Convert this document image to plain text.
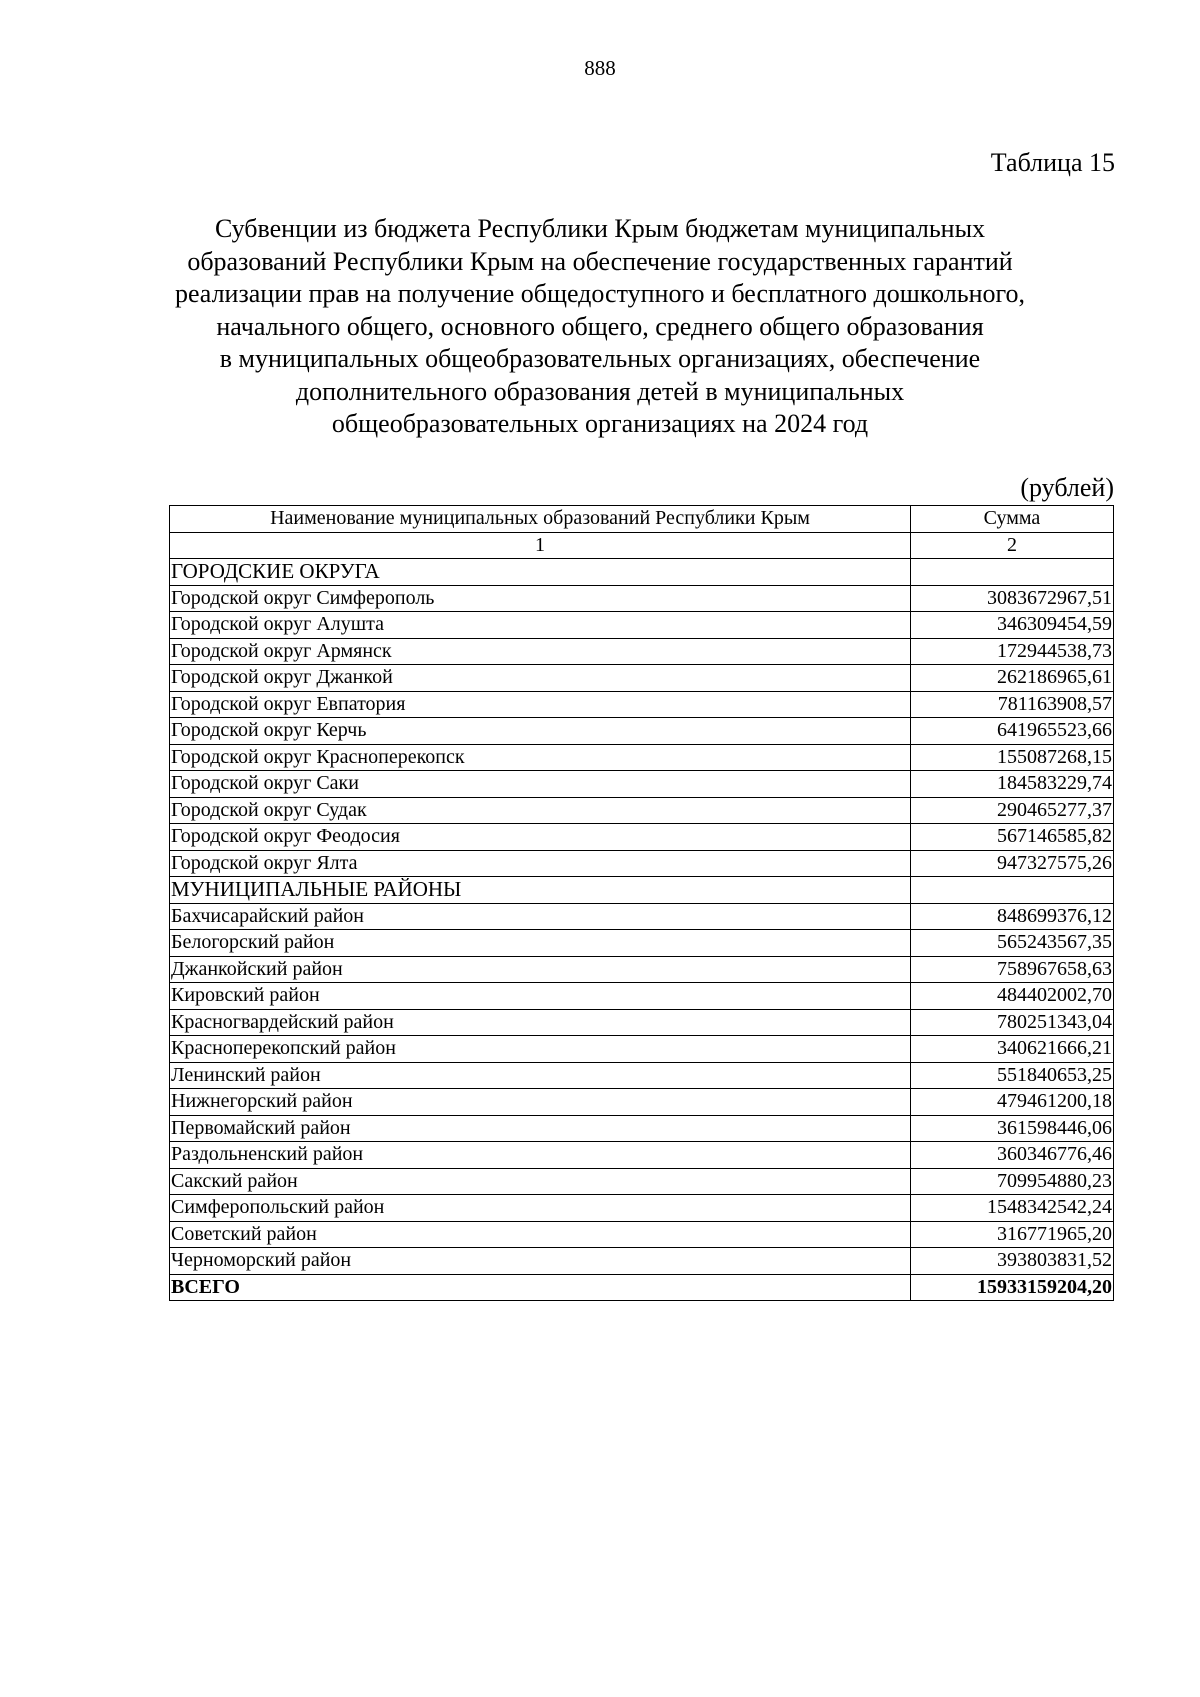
888
Таблица 15
Субвенции из бюджета Республики Крым бюджетам муниципальных
образований Республики Крым на обеспечение государственных гарантий
реализации прав на получение общедоступного и бесплатного дошкольного,
начального общего, основного общего, среднего общего образования
в муниципальных общеобразовательных организациях, обеспечение
дополнительного образования детей в муниципальных
общеобразовательных организациях на 2024 год
(рублей)
Наименование муниципальных образований Республики Крым	Сумма
1	2
ГОРОДСКИЕ ОКРУГА	
Городской округ Симферополь	3083672967,51
Городской округ Алушта	346309454,59
Городской округ Армянск	172944538,73
Городской округ Джанкой	262186965,61
Городской округ Евпатория	781163908,57
Городской округ Керчь	641965523,66
Городской округ Красноперекопск	155087268,15
Городской округ Саки	184583229,74
Городской округ Судак	290465277,37
Городской округ Феодосия	567146585,82
Городской округ Ялта	947327575,26
МУНИЦИПАЛЬНЫЕ РАЙОНЫ	
Бахчисарайский район	848699376,12
Белогорский район	565243567,35
Джанкойский район	758967658,63
Кировский район	484402002,70
Красногвардейский район	780251343,04
Красноперекопский район	340621666,21
Ленинский район	551840653,25
Нижнегорский район	479461200,18
Первомайский район	361598446,06
Раздольненский район	360346776,46
Сакский район	709954880,23
Симферопольский район	1548342542,24
Советский район	316771965,20
Черноморский район	393803831,52
ВСЕГО	15933159204,20
